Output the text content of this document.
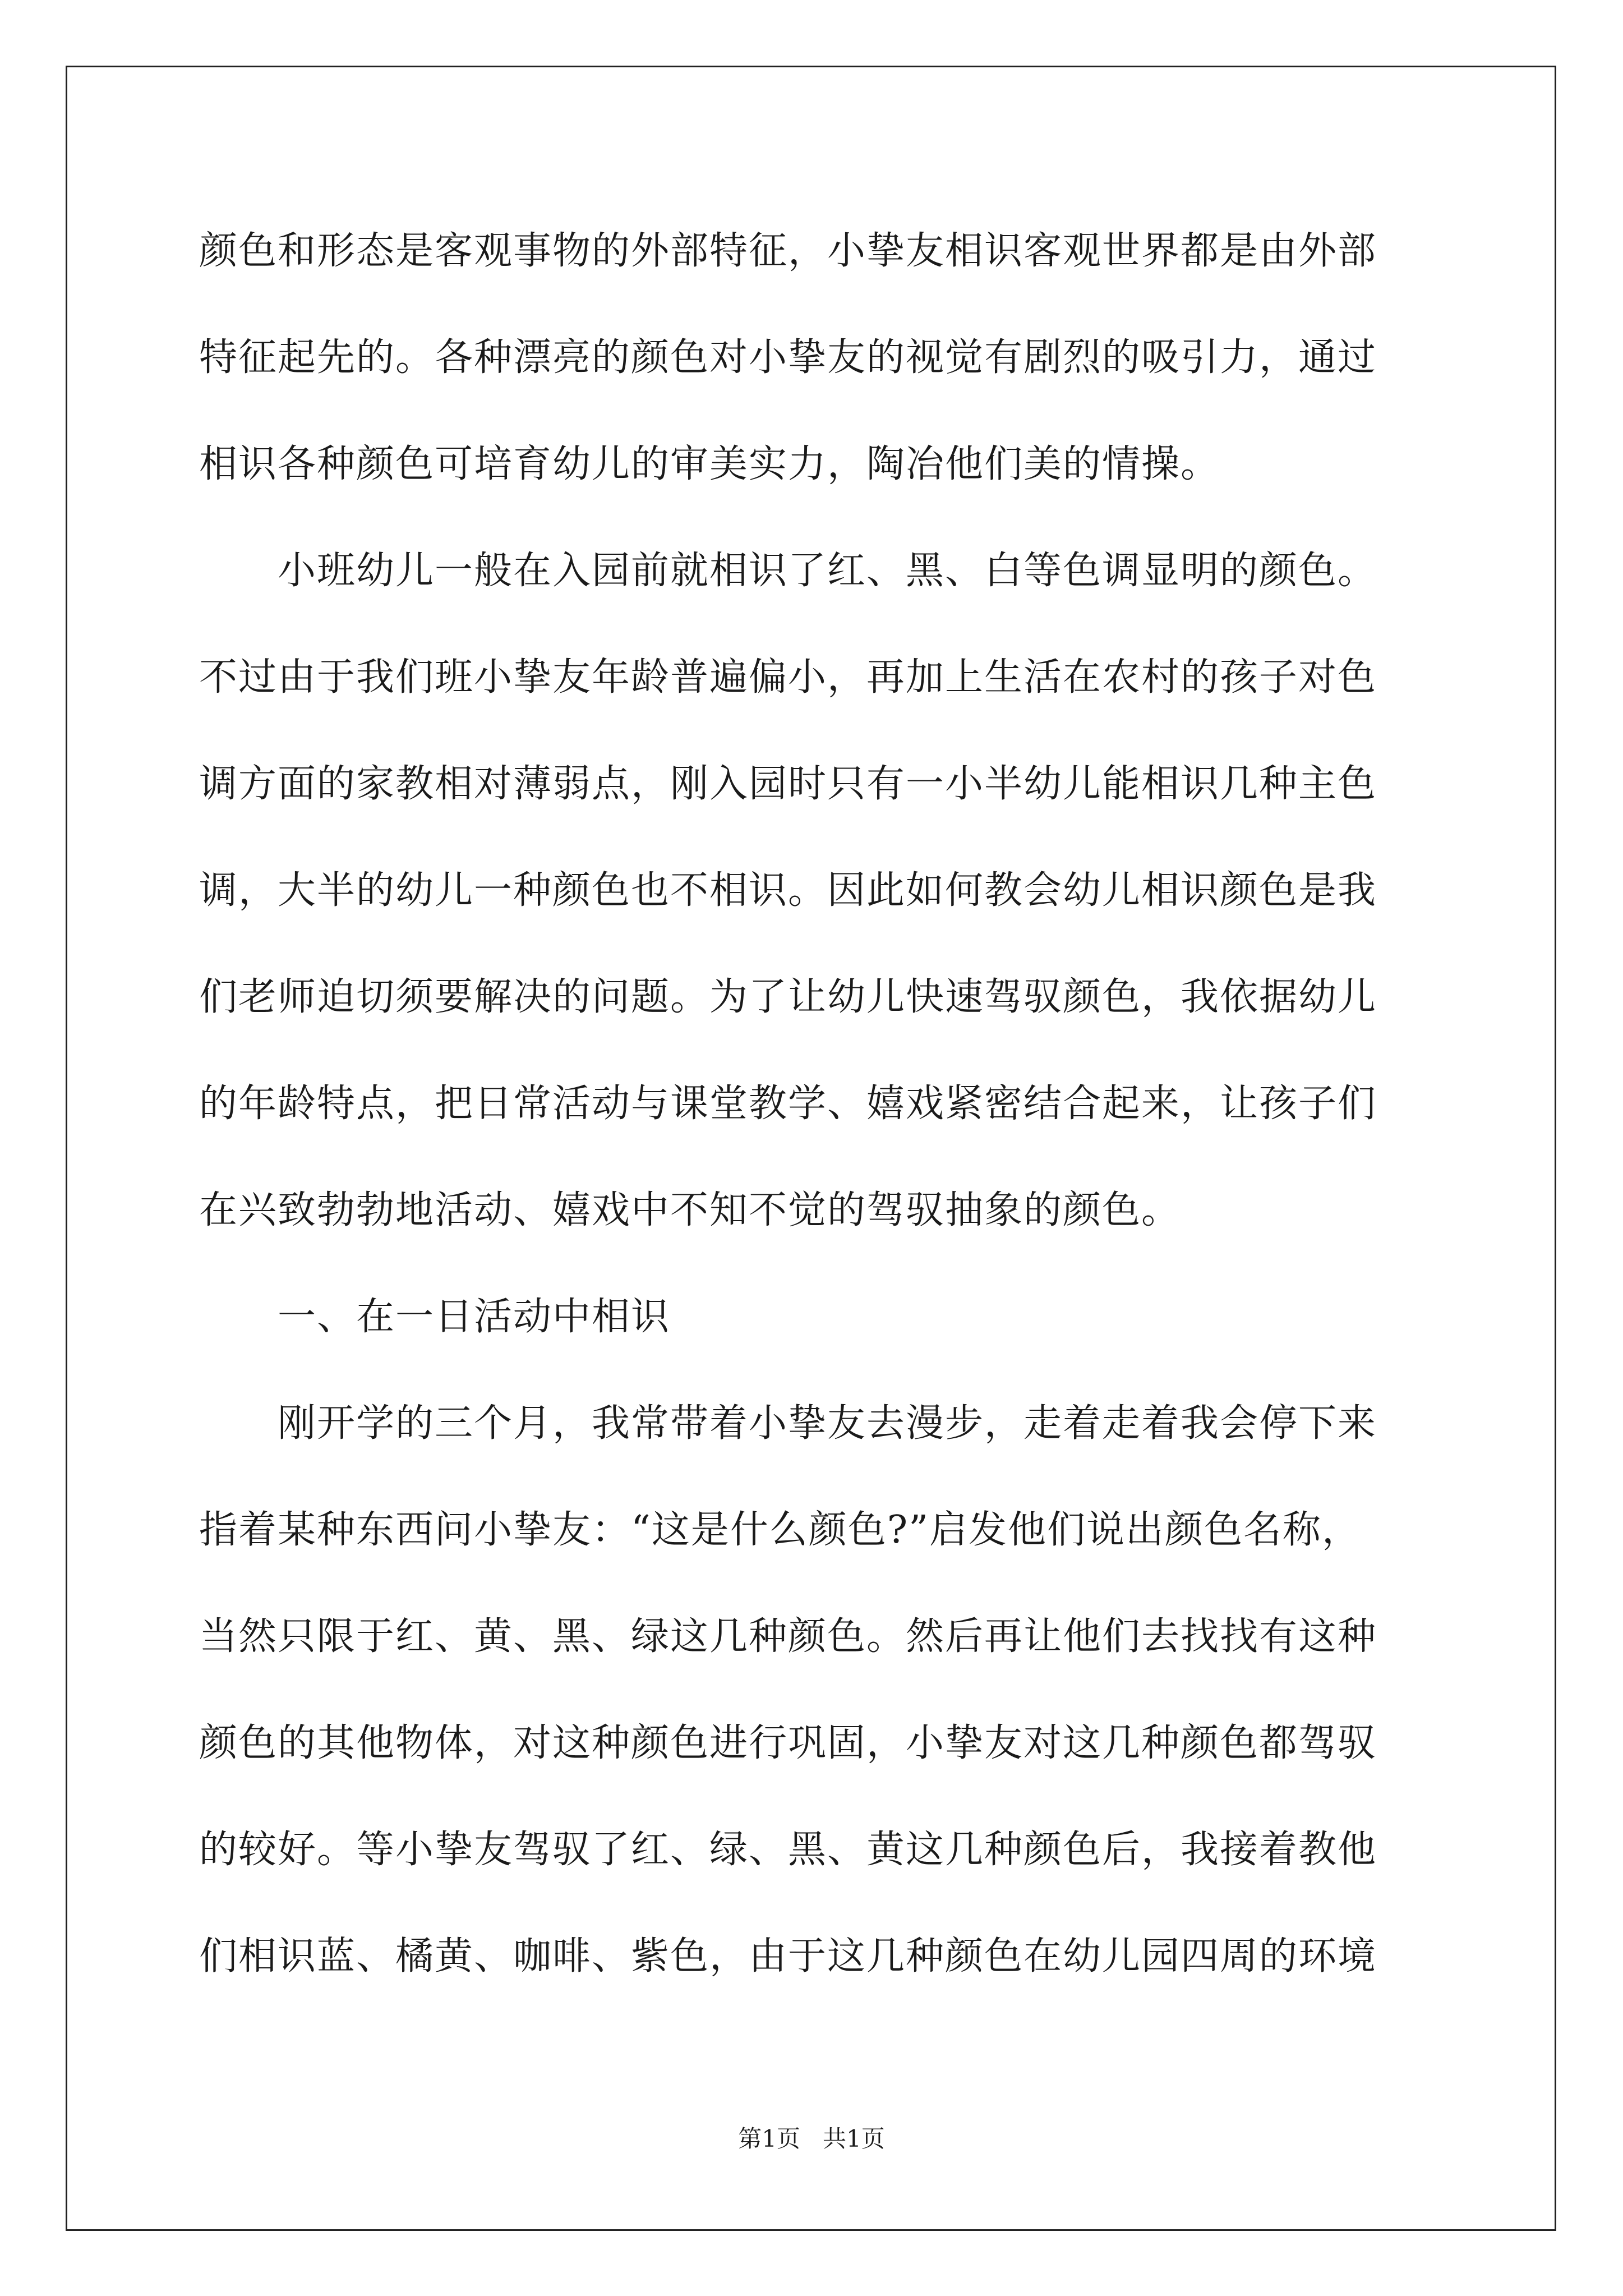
颜色和形态是客观事物的外部特征，小挚友相识客观世界都是由外部
特征起先的。各种漂亮的颜色对小挚友的视觉有剧烈的吸引力，通过
相识各种颜色可培育幼儿的审美实力，陶冶他们美的情操。
小班幼儿一般在入园前就相识了红、黑、白等色调显明的颜色。
不过由于我们班小挚友年龄普遍偏小，再加上生活在农村的孩子对色
调方面的家教相对薄弱点，刚入园时只有一小半幼儿能相识几种主色
调，大半的幼儿一种颜色也不相识。因此如何教会幼儿相识颜色是我
们老师迫切须要解决的问题。为了让幼儿快速驾驭颜色，我依据幼儿
的年龄特点，把日常活动与课堂教学、嬉戏紧密结合起来，让孩子们
在兴致勃勃地活动、嬉戏中不知不觉的驾驭抽象的颜色。
一、在一日活动中相识
刚开学的三个月，我常带着小挚友去漫步，走着走着我会停下来
指着某种东西问小挚友：“这是什么颜色?”启发他们说出颜色名称，
当然只限于红、黄、黑、绿这几种颜色。然后再让他们去找找有这种
颜色的其他物体，对这种颜色进行巩固，小挚友对这几种颜色都驾驭
的较好。等小挚友驾驭了红、绿、黑、黄这几种颜色后，我接着教他
们相识蓝、橘黄、咖啡、紫色，由于这几种颜色在幼儿园四周的环境
第1页   共1页
